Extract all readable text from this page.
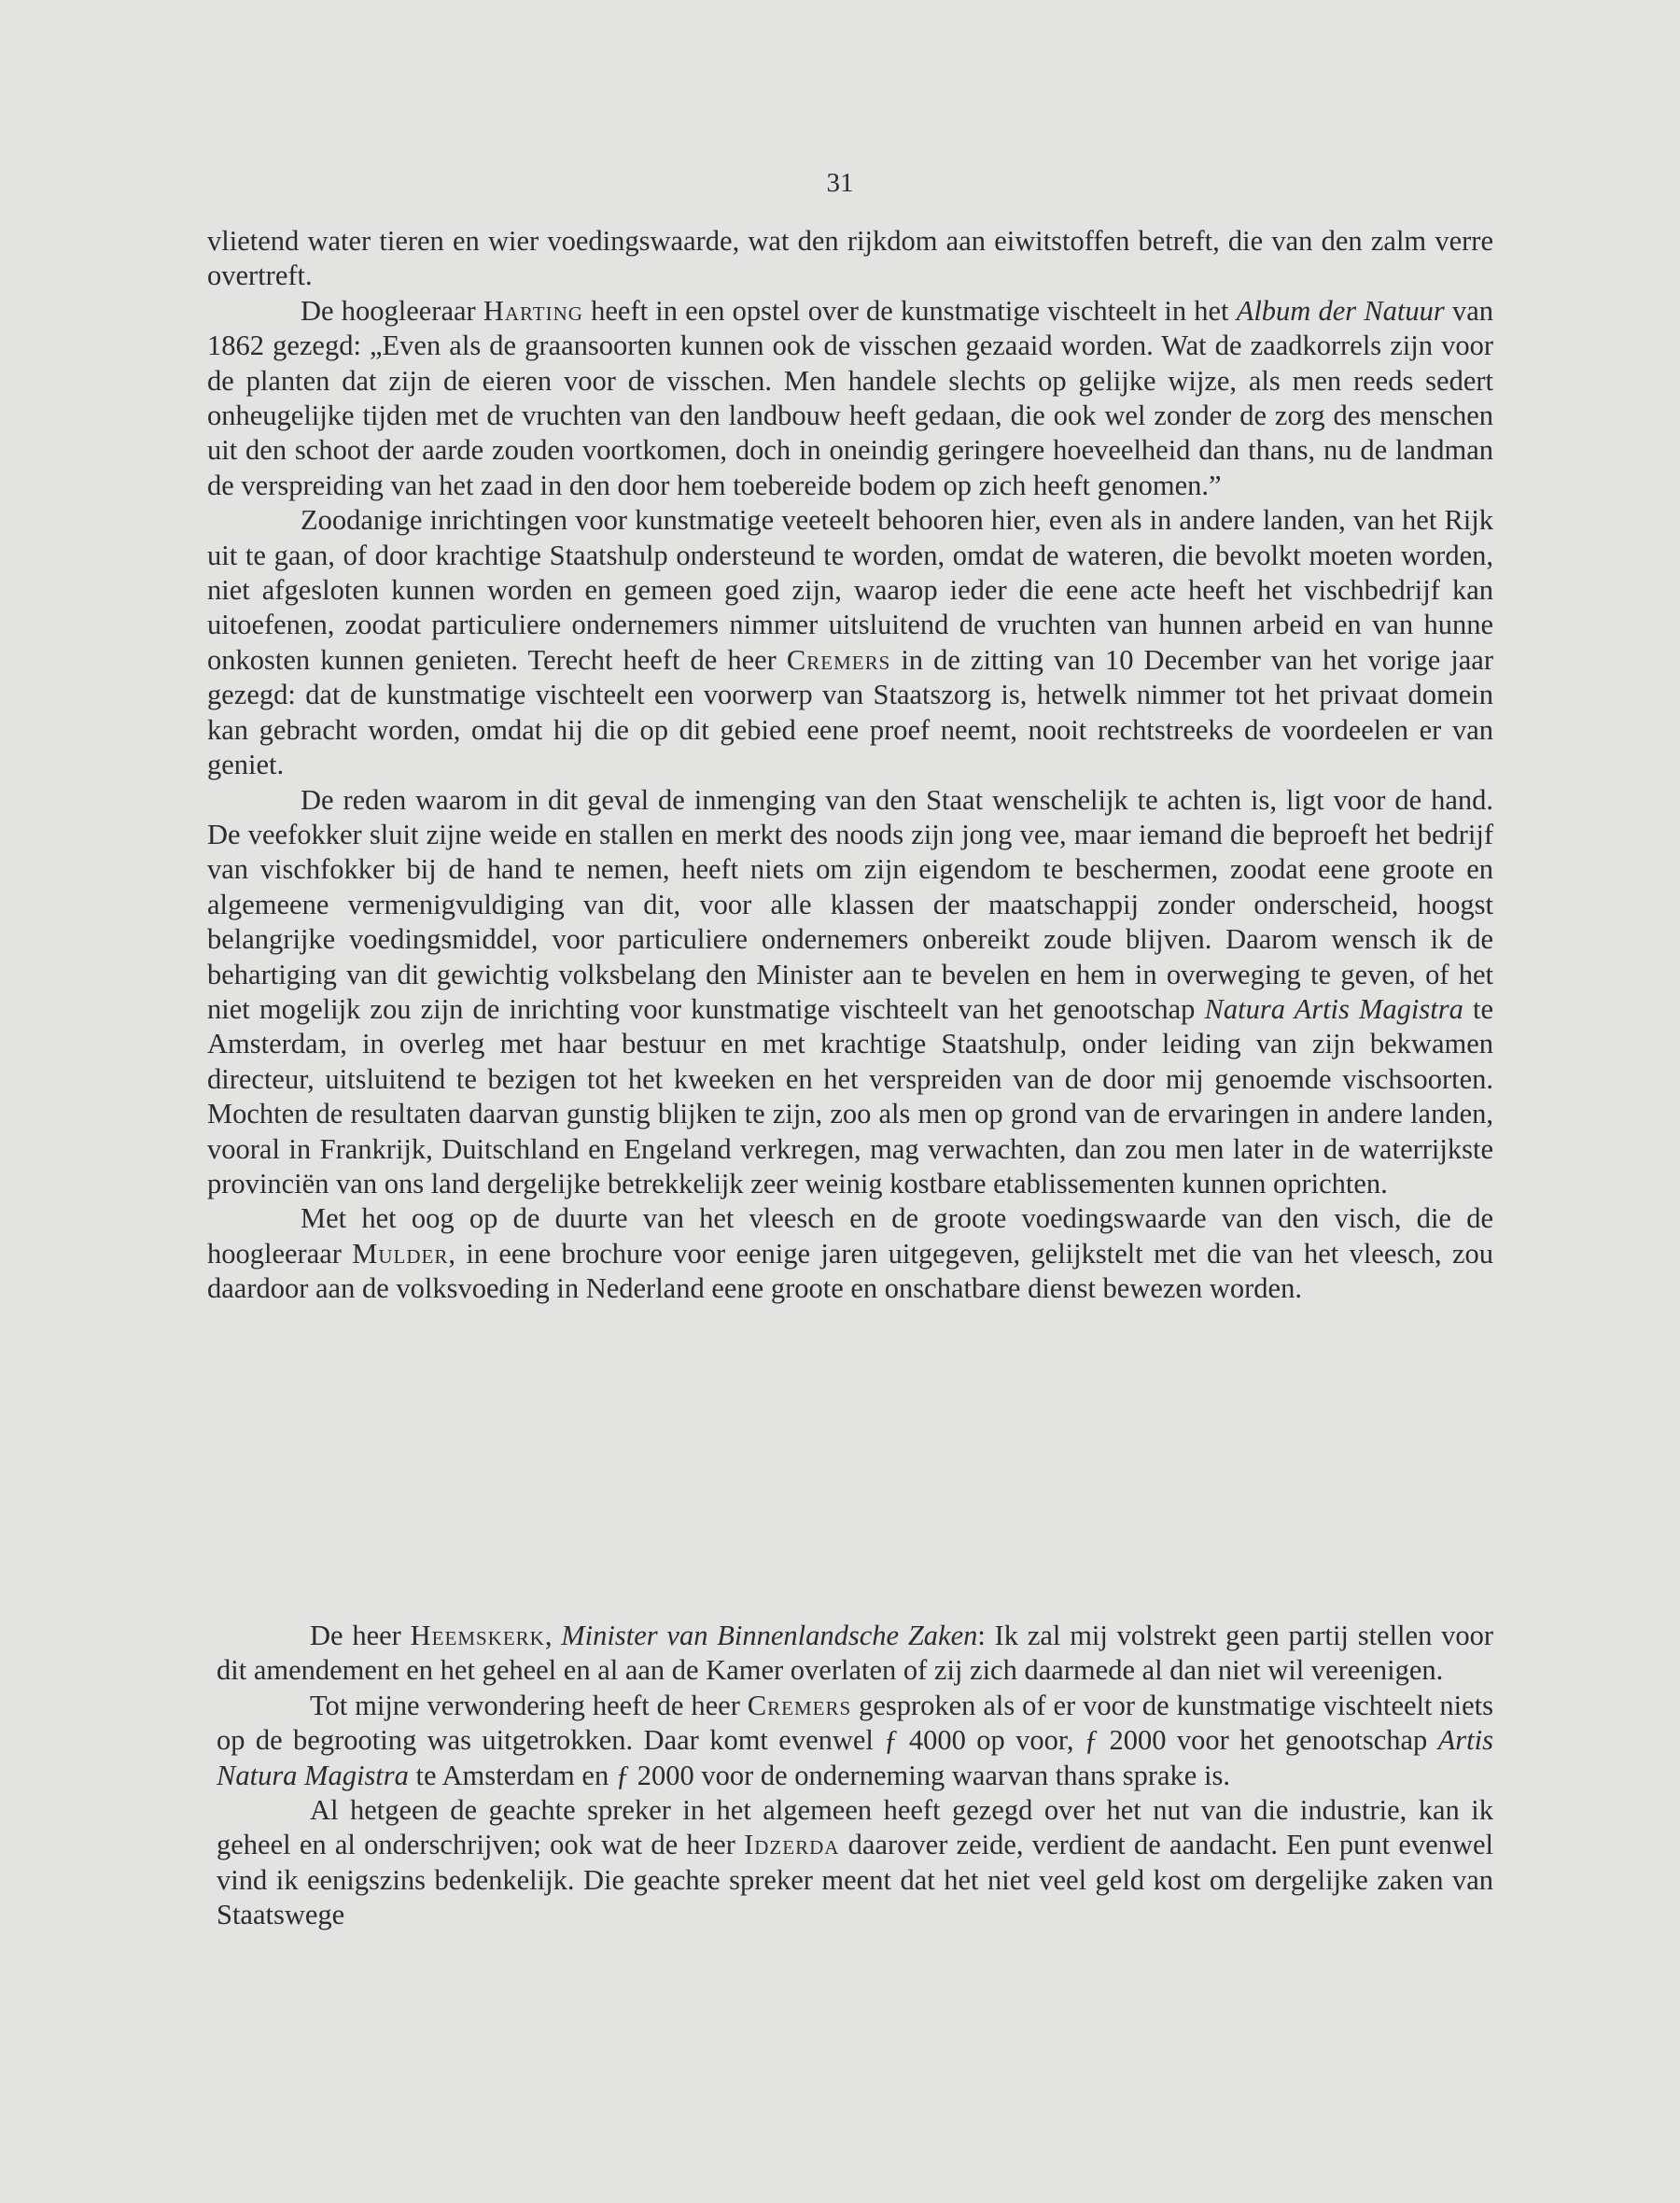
31

vlietend water tieren en wier voedingswaarde, wat den rijkdom aan eiwitstoffen betreft, die van den zalm verre overtreft.

De hoogleeraar Harting heeft in een opstel over de kunstmatige vischteelt in het Album der Natuur van 1862 gezegd: „Even als de graansoorten kunnen ook de visschen gezaaid worden. Wat de zaadkorrels zijn voor de planten dat zijn de eieren voor de visschen. Men handele slechts op gelijke wijze, als men reeds sedert onheugelijke tijden met de vruchten van den landbouw heeft gedaan, die ook wel zonder de zorg des menschen uit den schoot der aarde zouden voortkomen, doch in oneindig geringere hoeveelheid dan thans, nu de landman de verspreiding van het zaad in den door hem toebereide bodem op zich heeft genomen.”

Zoodanige inrichtingen voor kunstmatige veeteelt behooren hier, even als in andere landen, van het Rijk uit te gaan, of door krachtige Staatshulp ondersteund te worden, omdat de wateren, die bevolkt moeten worden, niet afgesloten kunnen worden en gemeen goed zijn, waarop ieder die eene acte heeft het vischbedrijf kan uitoefenen, zoodat particuliere ondernemers nimmer uitsluitend de vruchten van hunnen arbeid en van hunne onkosten kunnen genieten. Terecht heeft de heer Cremers in de zitting van 10 December van het vorige jaar gezegd: dat de kunstmatige vischteelt een voorwerp van Staatszorg is, hetwelk nimmer tot het privaat domein kan gebracht worden, omdat hij die op dit gebied eene proef neemt, nooit rechtstreeks de voordeelen er van geniet.

De reden waarom in dit geval de inmenging van den Staat wenschelijk te achten is, ligt voor de hand. De veefokker sluit zijne weide en stallen en merkt des noods zijn jong vee, maar iemand die beproeft het bedrijf van vischfokker bij de hand te nemen, heeft niets om zijn eigendom te beschermen, zoodat eene groote en algemeene vermenigvuldiging van dit, voor alle klassen der maatschappij zonder onderscheid, hoogst belangrijke voedingsmiddel, voor particuliere ondernemers onbereikt zoude blijven. Daarom wensch ik de behartiging van dit gewichtig volksbelang den Minister aan te bevelen en hem in overweging te geven, of het niet mogelijk zou zijn de inrichting voor kunstmatige vischteelt van het genootschap Natura Artis Magistra te Amsterdam, in overleg met haar bestuur en met krachtige Staatshulp, onder leiding van zijn bekwamen directeur, uitsluitend te bezigen tot het kweeken en het verspreiden van de door mij genoemde vischsoorten. Mochten de resultaten daarvan gunstig blijken te zijn, zoo als men op grond van de ervaringen in andere landen, vooral in Frankrijk, Duitschland en Engeland verkregen, mag verwachten, dan zou men later in de waterrijkste provinciën van ons land dergelijke betrekkelijk zeer weinig kostbare etablissementen kunnen oprichten.

Met het oog op de duurte van het vleesch en de groote voedingswaarde van den visch, die de hoogleeraar Mulder, in eene brochure voor eenige jaren uitgegeven, gelijkstelt met die van het vleesch, zou daardoor aan de volksvoeding in Nederland eene groote en onschatbare dienst bewezen worden.

De heer Heemskerk, Minister van Binnenlandsche Zaken: Ik zal mij volstrekt geen partij stellen voor dit amendement en het geheel en al aan de Kamer overlaten of zij zich daarmede al dan niet wil vereenigen.

Tot mijne verwondering heeft de heer Cremers gesproken als of er voor de kunstmatige vischteelt niets op de begrooting was uitgetrokken. Daar komt evenwel ƒ 4000 op voor, ƒ 2000 voor het genootschap Artis Natura Magistra te Amsterdam en ƒ 2000 voor de onderneming waarvan thans sprake is.

Al hetgeen de geachte spreker in het algemeen heeft gezegd over het nut van die industrie, kan ik geheel en al onderschrijven; ook wat de heer Idzerda daarover zeide, verdient de aandacht. Een punt evenwel vind ik eenigszins bedenkelijk. Die geachte spreker meent dat het niet veel geld kost om dergelijke zaken van Staatswege
